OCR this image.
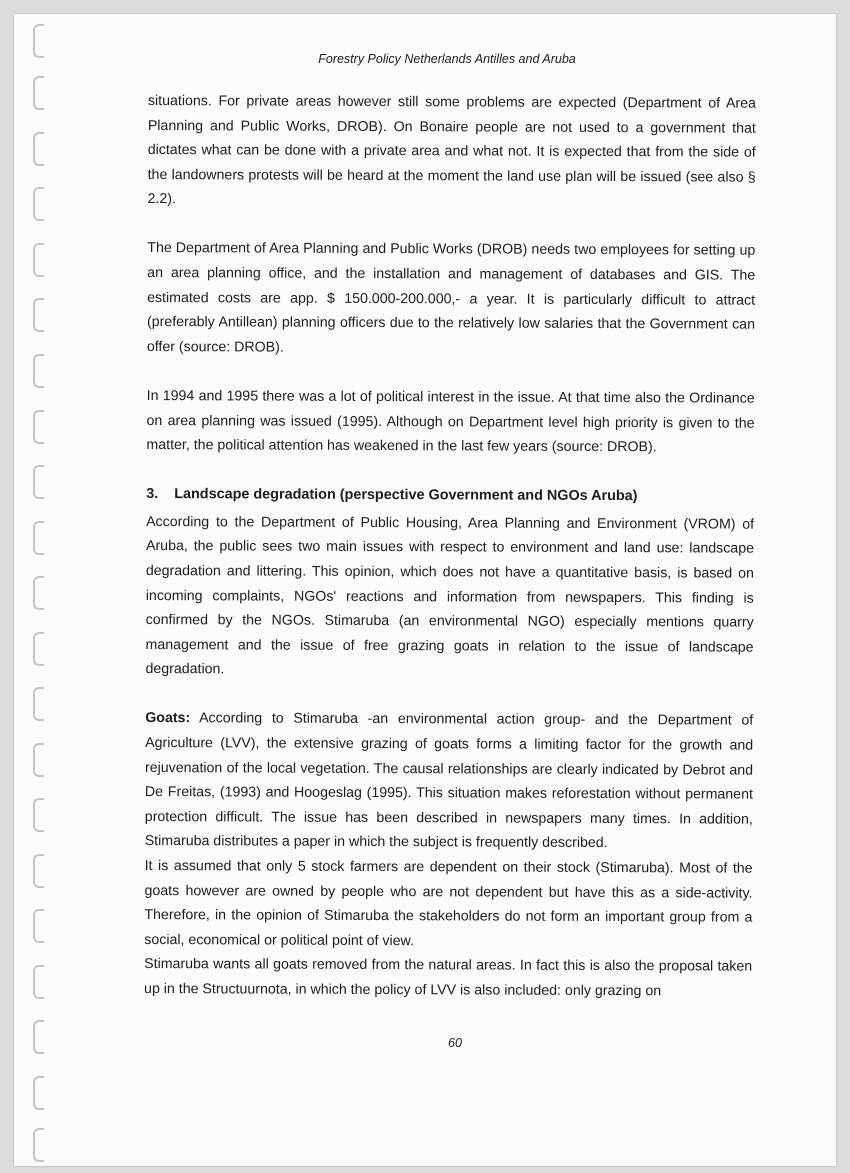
Forestry Policy Netherlands Antilles and Aruba

situations. For private areas however still some problems are expected (Department of Area Planning and Public Works, DROB). On Bonaire people are not used to a government that dictates what can be done with a private area and what not. It is expected that from the side of the landowners protests will be heard at the moment the land use plan will be issued (see also § 2.2).

The Department of Area Planning and Public Works (DROB) needs two employees for setting up an area planning office, and the installation and management of databases and GIS. The estimated costs are app. $ 150.000-200.000,- a year. It is particularly difficult to attract (preferably Antillean) planning officers due to the relatively low salaries that the Government can offer (source: DROB).

In 1994 and 1995 there was a lot of political interest in the issue. At that time also the Ordinance on area planning was issued (1995). Although on Department level high priority is given to the matter, the political attention has weakened in the last few years (source: DROB).

3. Landscape degradation (perspective Government and NGOs Aruba)

According to the Department of Public Housing, Area Planning and Environment (VROM) of Aruba, the public sees two main issues with respect to environment and land use: landscape degradation and littering. This opinion, which does not have a quantitative basis, is based on incoming complaints, NGOs' reactions and information from newspapers. This finding is confirmed by the NGOs. Stimaruba (an environmental NGO) especially mentions quarry management and the issue of free grazing goats in relation to the issue of landscape degradation.

Goats: According to Stimaruba -an environmental action group- and the Department of Agriculture (LVV), the extensive grazing of goats forms a limiting factor for the growth and rejuvenation of the local vegetation. The causal relationships are clearly indicated by Debrot and De Freitas, (1993) and Hoogeslag (1995). This situation makes reforestation without permanent protection difficult. The issue has been described in newspapers many times. In addition, Stimaruba distributes a paper in which the subject is frequently described.

It is assumed that only 5 stock farmers are dependent on their stock (Stimaruba). Most of the goats however are owned by people who are not dependent but have this as a side-activity. Therefore, in the opinion of Stimaruba the stakeholders do not form an important group from a social, economical or political point of view.

Stimaruba wants all goats removed from the natural areas. In fact this is also the proposal taken up in the Structuurnota, in which the policy of LVV is also included: only grazing on

60
